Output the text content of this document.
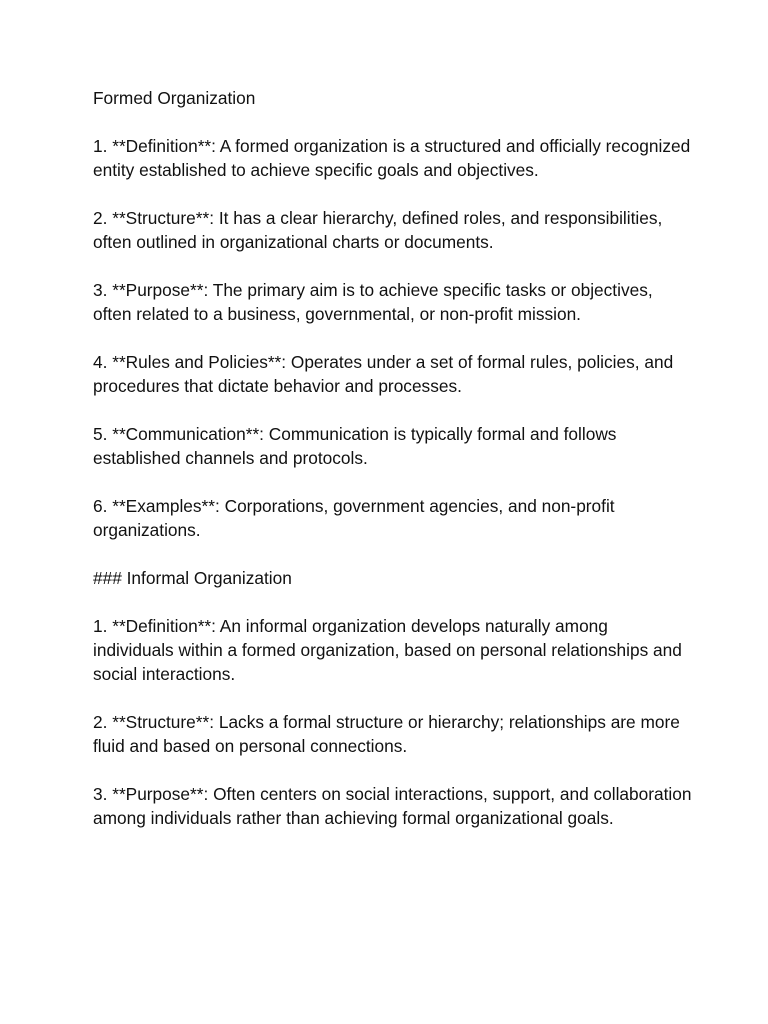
Formed Organization

1. **Definition**: A formed organization is a structured and officially recognized entity established to achieve specific goals and objectives.

2. **Structure**: It has a clear hierarchy, defined roles, and responsibilities, often outlined in organizational charts or documents.

3. **Purpose**: The primary aim is to achieve specific tasks or objectives, often related to a business, governmental, or non-profit mission.

4. **Rules and Policies**: Operates under a set of formal rules, policies, and procedures that dictate behavior and processes.

5. **Communication**: Communication is typically formal and follows established channels and protocols.

6. **Examples**: Corporations, government agencies, and non-profit organizations.

### Informal Organization

1. **Definition**: An informal organization develops naturally among individuals within a formed organization, based on personal relationships and social interactions.

2. **Structure**: Lacks a formal structure or hierarchy; relationships are more fluid and based on personal connections.

3. **Purpose**: Often centers on social interactions, support, and collaboration among individuals rather than achieving formal organizational goals.
